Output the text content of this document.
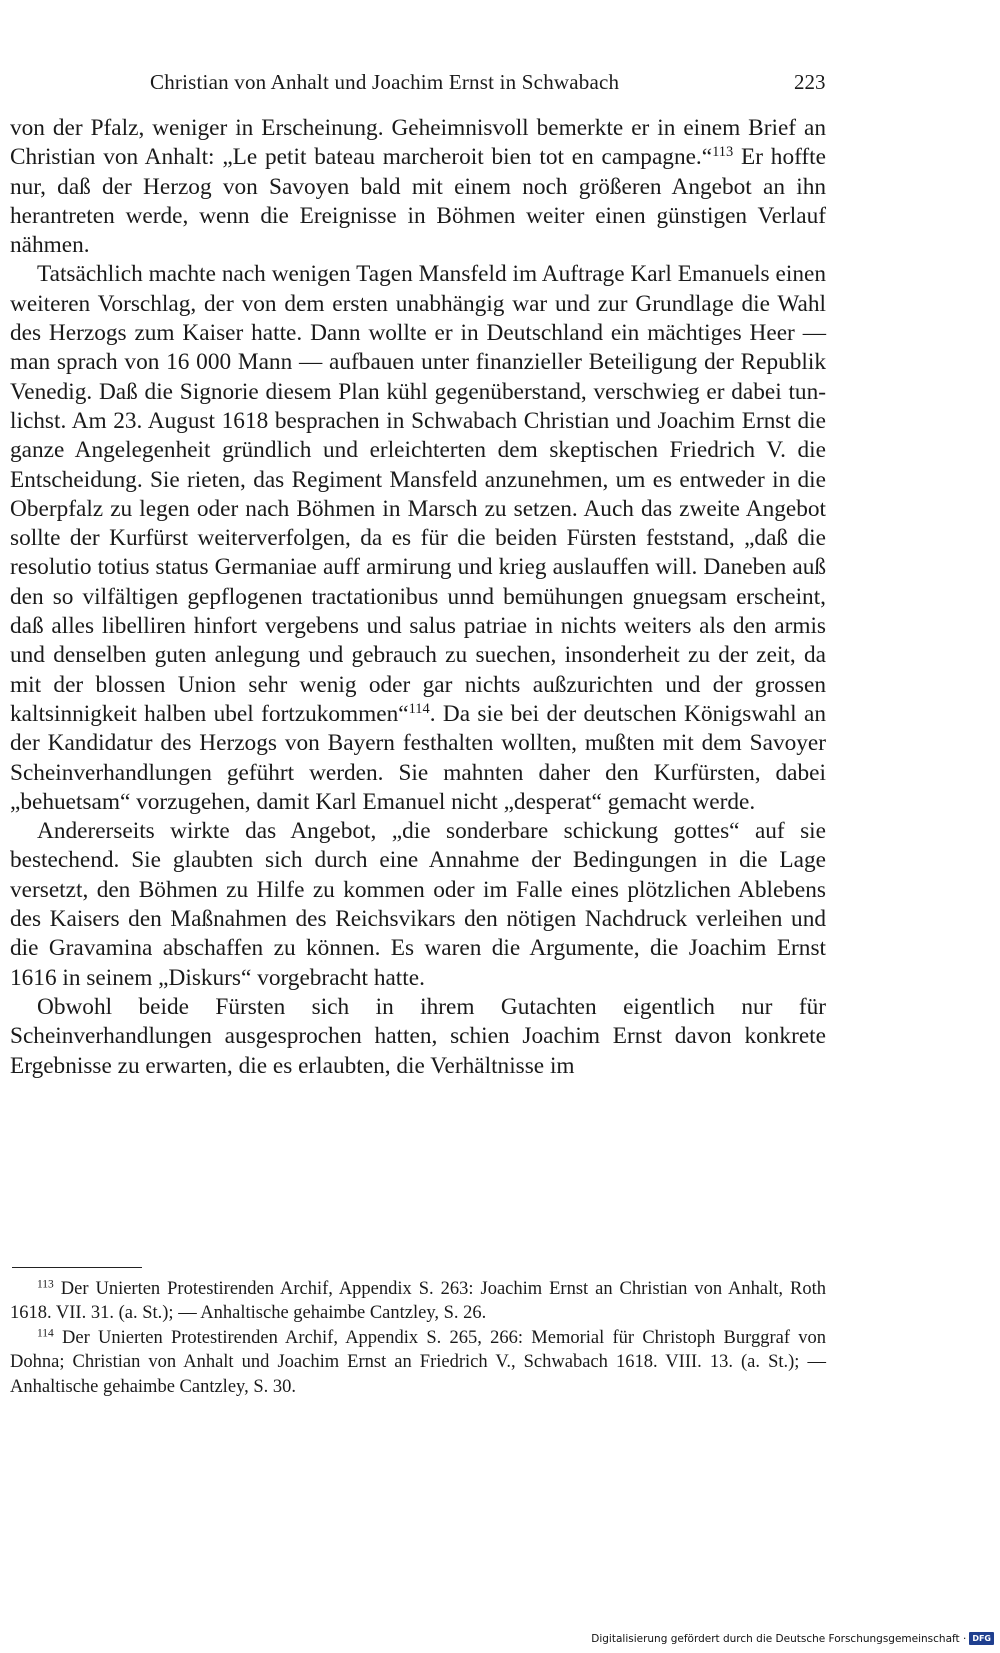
Christian von Anhalt und Joachim Ernst in Schwabach	223

von der Pfalz, weniger in Erscheinung. Geheimnisvoll bemerkte er in einem Brief an Christian von Anhalt: „Le petit bateau marcheroit bien tot en campagne.“$^{113}$ Er hoffte nur, daß der Herzog von Savoyen bald mit einem noch größeren Angebot an ihn herantreten werde, wenn die Ereignisse in Böhmen weiter einen günstigen Verlauf nähmen.

Tatsächlich machte nach wenigen Tagen Mansfeld im Auftrage Karl Emanuels einen weiteren Vorschlag, der von dem ersten unabhängig war und zur Grundlage die Wahl des Herzogs zum Kaiser hatte. Dann wollte er in Deutschland ein mächtiges Heer — man sprach von 16 000 Mann — aufbauen unter finanzieller Beteiligung der Republik Venedig. Daß die Signorie diesem Plan kühl gegenüberstand, verschwieg er dabei tunlichst. Am 23. August 1618 besprachen in Schwabach Christian und Joachim Ernst die ganze Angelegenheit gründlich und erleichterten dem skeptischen Friedrich V. die Entscheidung. Sie rieten, das Regiment Mansfeld anzunehmen, um es entweder in die Oberpfalz zu legen oder nach Böhmen in Marsch zu setzen. Auch das zweite Angebot sollte der Kurfürst weiterverfolgen, da es für die beiden Fürsten feststand, „daß die resolutio totius status Germaniae auff armirung und krieg auslauffen will. Daneben auß den so vilfältigen gepflogenen tractationibus unnd bemühungen gnuegsam erscheint, daß alles libelliren hinfort vergebens und salus patriae in nichts weiters als den armis und denselben guten anlegung und gebrauch zu suechen, insonderheit zu der zeit, da mit der blossen Union sehr wenig oder gar nichts außzurichten und der grossen kaltsinnigkeit halben ubel fortzukommen“$^{114}$. Da sie bei der deutschen Königswahl an der Kandidatur des Herzogs von Bayern festhalten wollten, mußten mit dem Savoyer Scheinverhandlungen geführt werden. Sie mahnten daher den Kurfürsten, dabei „behuetsam“ vorzugehen, damit Karl Emanuel nicht „desperat“ gemacht werde.

Andererseits wirkte das Angebot, „die sonderbare schickung gottes“ auf sie bestechend. Sie glaubten sich durch eine Annahme der Bedingungen in die Lage versetzt, den Böhmen zu Hilfe zu kommen oder im Falle eines plötzlichen Ablebens des Kaisers den Maßnahmen des Reichsvikars den nötigen Nachdruck verleihen und die Gravamina abschaffen zu können. Es waren die Argumente, die Joachim Ernst 1616 in seinem „Diskurs“ vorgebracht hatte.

Obwohl beide Fürsten sich in ihrem Gutachten eigentlich nur für Scheinverhandlungen ausgesprochen hatten, schien Joachim Ernst davon konkrete Ergebnisse zu erwarten, die es erlaubten, die Verhältnisse im

$^{113}$ Der Unierten Protestirenden Archif, Appendix S. 263: Joachim Ernst an Christian von Anhalt, Roth 1618. VII. 31. (a. St.); — Anhaltische gehaimbe Cantzley, S. 26.

$^{114}$ Der Unierten Protestirenden Archif, Appendix S. 265, 266: Memorial für Christoph Burggraf von Dohna; Christian von Anhalt und Joachim Ernst an Friedrich V., Schwabach 1618. VIII. 13. (a. St.); — Anhaltische gehaimbe Cantzley, S. 30.

Digitalisierung gefördert durch die Deutsche Forschungsgemeinschaft · DFG
